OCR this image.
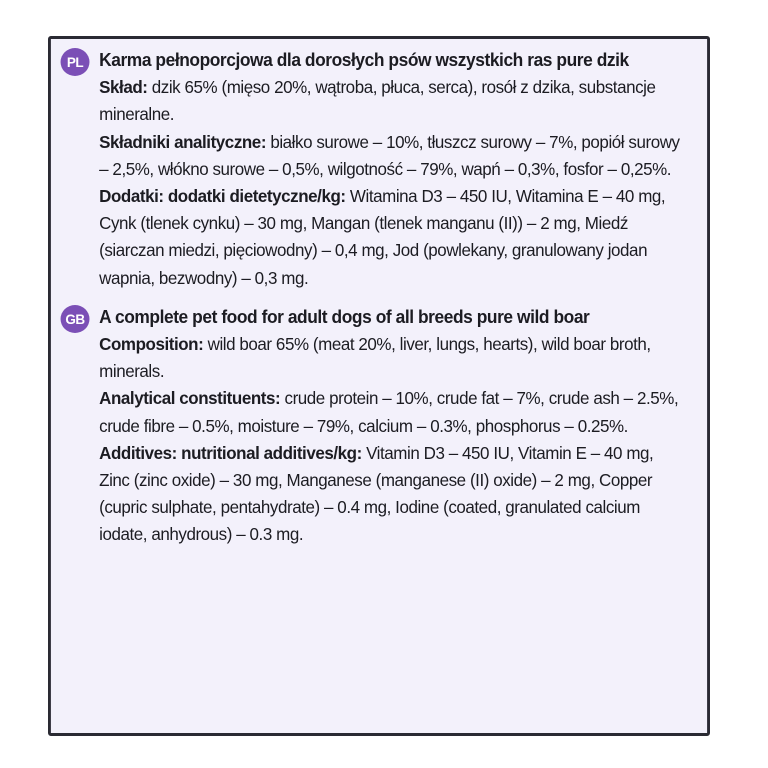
PL Karma pełnoporcjowa dla dorosłych psów wszystkich ras pure dzik

Skład: dzik 65% (mięso 20%, wątroba, płuca, serca), rosół z dzika, substancje mineralne.

Składniki analityczne: białko surowe – 10%, tłuszcz surowy – 7%, popiół surowy – 2,5%, włókno surowe – 0,5%, wilgotność – 79%, wapń – 0,3%, fosfor – 0,25%.

Dodatki: dodatki dietetyczne/kg: Witamina D3 – 450 IU, Witamina E – 40 mg, Cynk (tlenek cynku) – 30 mg, Mangan (tlenek manganu (II)) – 2 mg, Miedź (siarczan miedzi, pięciowodny) – 0,4 mg, Jod (powlekany, granulowany jodan wapnia, bezwodny) – 0,3 mg.

GB A complete pet food for adult dogs of all breeds pure wild boar

Composition: wild boar 65% (meat 20%, liver, lungs, hearts), wild boar broth, minerals.

Analytical constituents: crude protein – 10%, crude fat – 7%, crude ash – 2.5%, crude fibre – 0.5%, moisture – 79%, calcium – 0.3%, phosphorus – 0.25%.

Additives: nutritional additives/kg: Vitamin D3 – 450 IU, Vitamin E – 40 mg, Zinc (zinc oxide) – 30 mg, Manganese (manganese (II) oxide) – 2 mg, Copper (cupric sulphate, pentahydrate) – 0.4 mg, Iodine (coated, granulated calcium iodate, anhydrous) – 0.3 mg.
